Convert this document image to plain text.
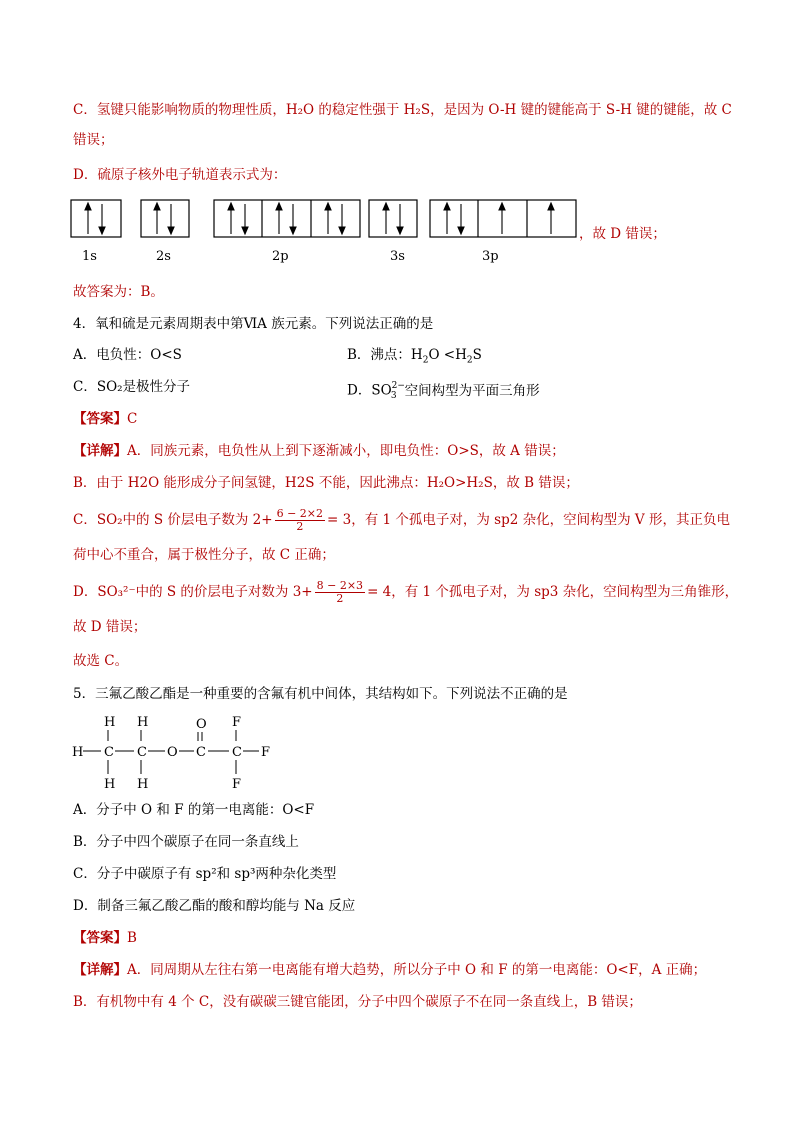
C．氢键只能影响物质的物理性质，H₂O 的稳定性强于 H₂S，是因为 O-H 键的键能高于 S-H 键的键能，故 C
错误；
D．硫原子核外电子轨道表示式为：
，故 D 错误；
1s	2s	2p	3s	3p
故答案为：B。
4．氧和硫是元素周期表中第ⅥA 族元素。下列说法正确的是
A．电负性：O<S	B．沸点：$H_2O <H_2S$
C．SO₂是极性分子	D．$SO^{2-}_3$ 空间构型为平面三角形
【答案】C
【详解】A．同族元素，电负性从上到下逐渐减小，即电负性：O>S，故 A 错误；
B．由于 H2O 能形成分子间氢键，H2S 不能，因此沸点：H₂O>H₂S，故 B 错误；
C．SO₂中的 S 价层电子数为 $2+ \frac{6 - 2\times 2}{2} = 3$，有 1 个孤电子对，为 sp2 杂化，空间构型为 V 形，其正负电
荷中心不重合，属于极性分子，故 C 正确；
D．SO₃²⁻中的 S 的价层电子对数为 $3+ \frac{8 - 2\times 3}{2} = 4$，有 1 个孤电子对，为 sp3 杂化，空间构型为三角锥形，
故 D 错误；
故选 C。
5．三氟乙酸乙酯是一种重要的含氟有机中间体，其结构如下。下列说法不正确的是
H H
H C C O C C F
O F
F
H H
A．分子中 O 和 F 的第一电离能：O<F
B．分子中四个碳原子在同一条直线上
C．分子中碳原子有 sp²和 sp³两种杂化类型
D．制备三氟乙酸乙酯的酸和醇均能与 Na 反应
【答案】B
【详解】A．同周期从左往右第一电离能有增大趋势，所以分子中 O 和 F 的第一电离能：O<F，A 正确；
B．有机物中有 4 个 C，没有碳碳三键官能团，分子中四个碳原子不在同一条直线上，B 错误；
